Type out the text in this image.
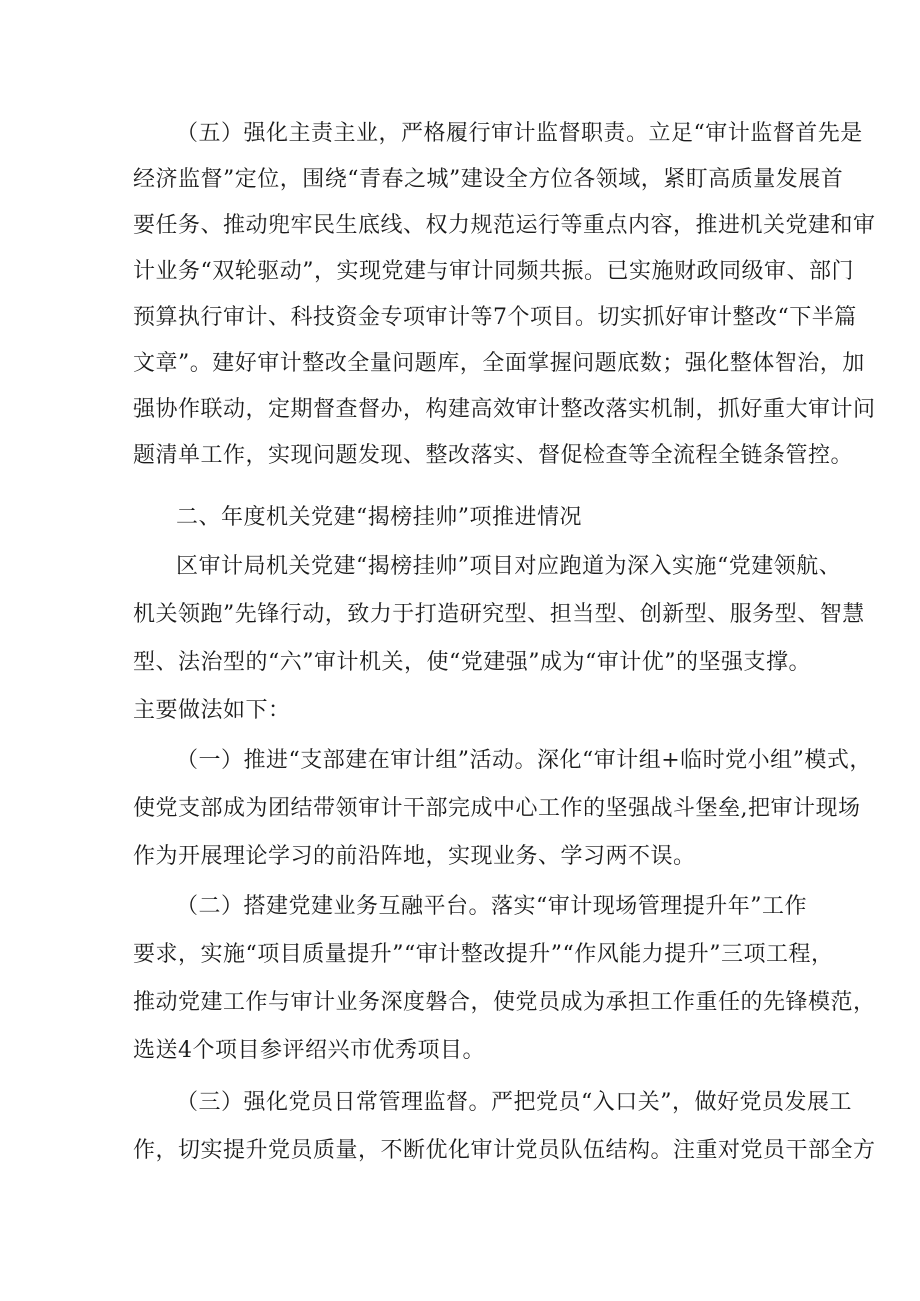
（五）强化主责主业，严格履行审计监督职责。立足“审计监督首先是
经济监督”定位，围绕“青春之城”建设全方位各领域，紧盯高质量发展首
要任务、推动兜牢民生底线、权力规范运行等重点内容，推进机关党建和审
计业务“双轮驱动”，实现党建与审计同频共振。已实施财政同级审、部门
预算执行审计、科技资金专项审计等7个项目。切实抓好审计整改“下半篇
文章”。建好审计整改全量问题库，全面掌握问题底数；强化整体智治，加
强协作联动，定期督查督办，构建高效审计整改落实机制，抓好重大审计问
题清单工作，实现问题发现、整改落实、督促检查等全流程全链条管控。
二、年度机关党建“揭榜挂帅”项推进情况
区审计局机关党建“揭榜挂帅”项目对应跑道为深入实施“党建领航、
机关领跑”先锋行动，致力于打造研究型、担当型、创新型、服务型、智慧
型、法治型的“六”审计机关，使“党建强”成为“审计优”的坚强支撑。
主要做法如下：
（一）推进“支部建在审计组”活动。深化“审计组+临时党小组”模式，
使党支部成为团结带领审计干部完成中心工作的坚强战斗堡垒,把审计现场
作为开展理论学习的前沿阵地，实现业务、学习两不误。
（二）搭建党建业务互融平台。落实“审计现场管理提升年”工作
要求，实施“项目质量提升”“审计整改提升”“作风能力提升”三项工程，
推动党建工作与审计业务深度磐合，使党员成为承担工作重任的先锋模范，
选送4个项目参评绍兴市优秀项目。
（三）强化党员日常管理监督。严把党员“入口关”，做好党员发展工
作，切实提升党员质量，不断优化审计党员队伍结构。注重对党员干部全方
